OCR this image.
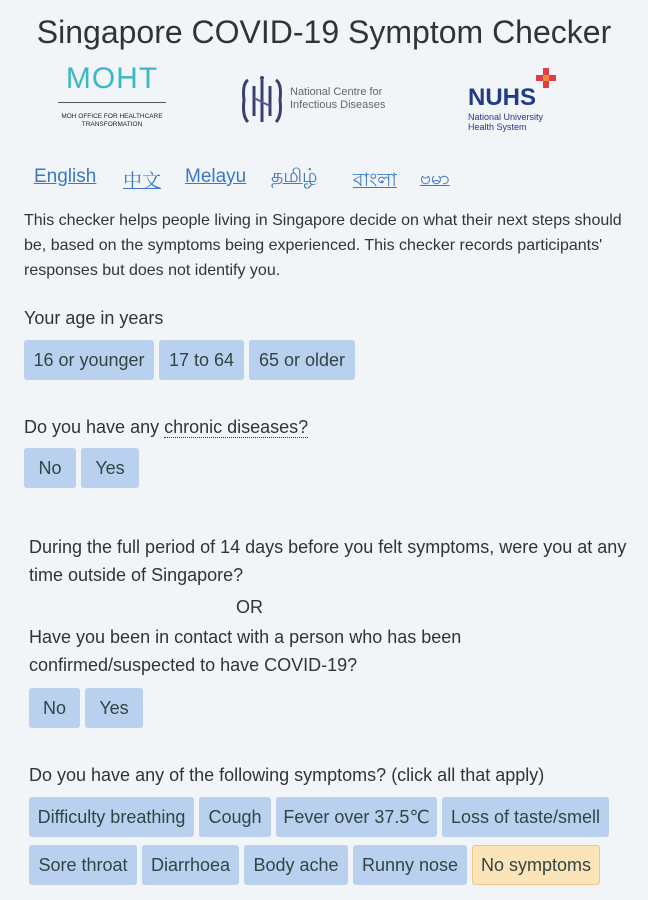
Singapore COVID-19 Symptom Checker
MOHT
MOH OFFICE FOR HEALTHCARE TRANSFORMATION
National Centre for
Infectious Diseases	NUHS
National University
Health System
English 中文 Melayu தமிழ் বাংলা ဗမာ
This checker helps people living in Singapore decide on what their next steps should be, based on the symptoms being experienced. This checker records participants' responses but does not identify you.
Your age in years
16 or younger	17 to 64	65 or older
Do you have any chronic diseases?
No	Yes
During the full period of 14 days before you felt symptoms, were you at any time outside of Singapore?
OR
Have you been in contact with a person who has been confirmed/suspected to have COVID-19?
No	Yes
Do you have any of the following symptoms? (click all that apply)
Difficulty breathing	Cough	Fever over 37.5℃	Loss of taste/smell
Sore throat	Diarrhoea	Body ache	Runny nose	No symptoms
